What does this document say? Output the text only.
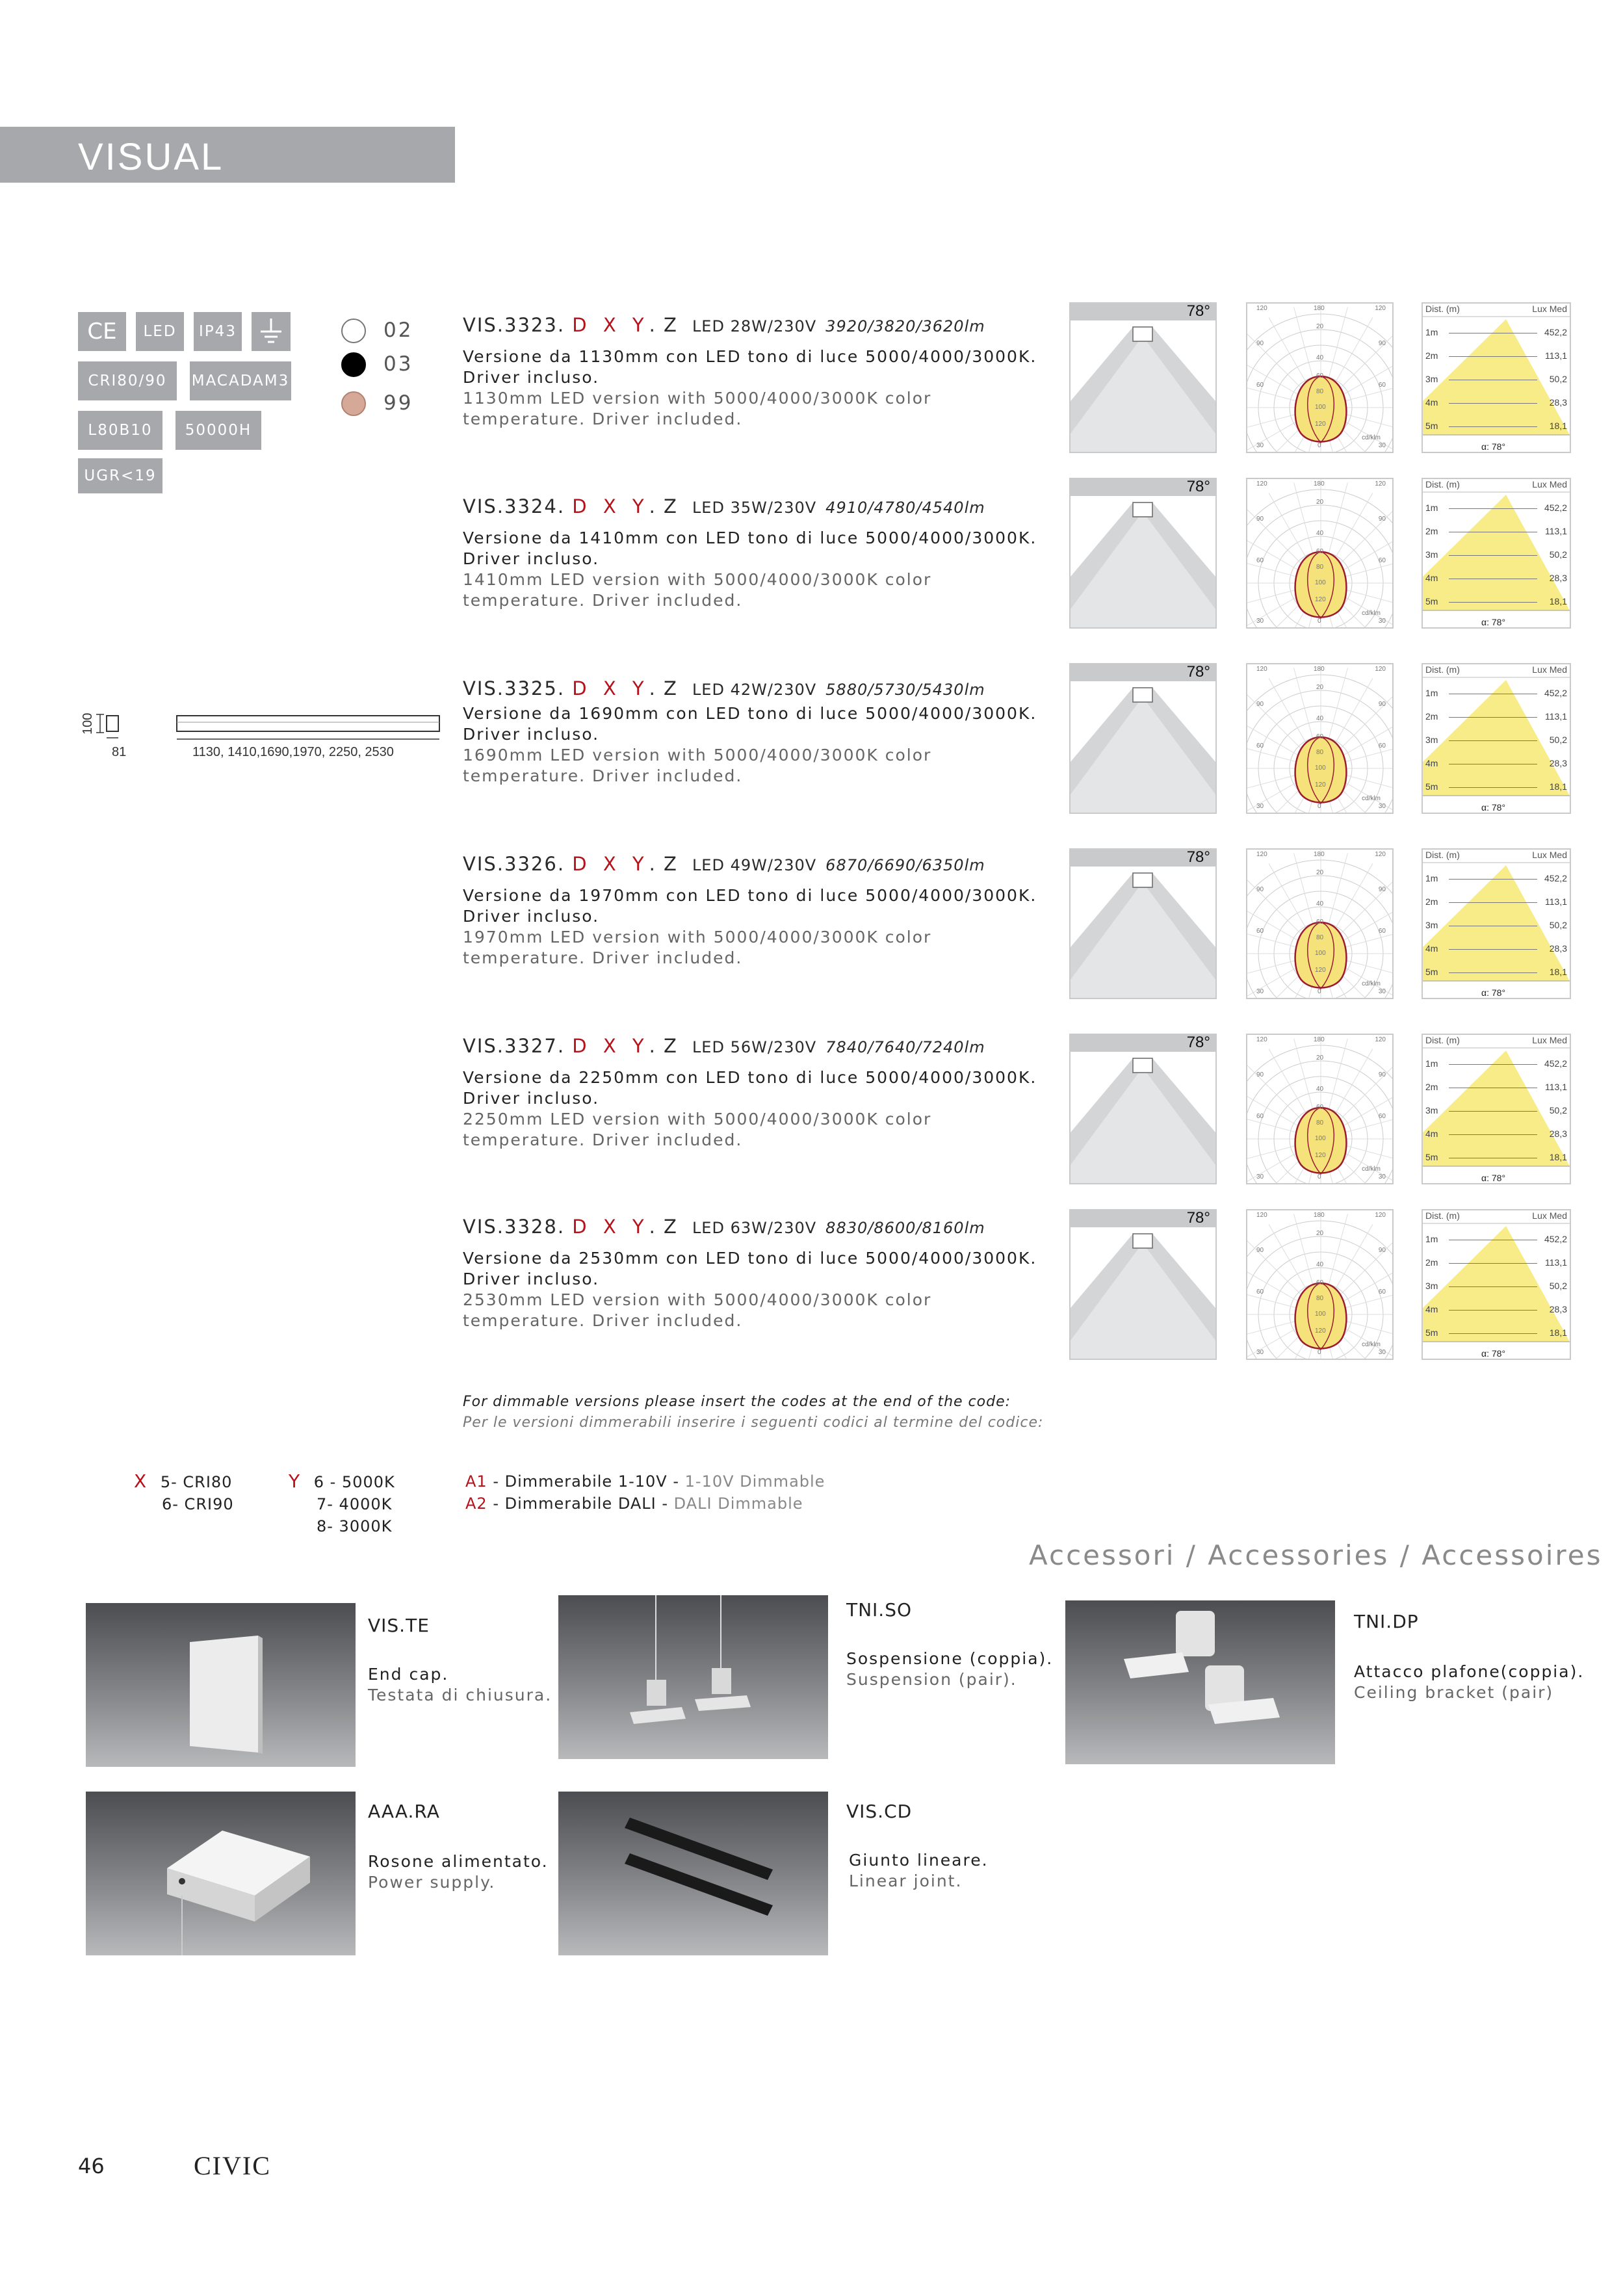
VISUAL
CE	LED	IP43
CRI80/90	MACADAM3
L80B10	50000H
UGR<19
02
03
99
100
81	1130, 1410,1690,1970, 2250, 2530
VIS.3323. D X Y. Z LED 28W/230V 3920/3820/3620lm
Versione da 1130mm con LED tono di luce 5000/4000/3000K.
Driver incluso.
1130mm LED version with 5000/4000/3000K color
temperature. Driver included.
VIS.3324. D X Y. Z LED 35W/230V 4910/4780/4540lm
Versione da 1410mm con LED tono di luce 5000/4000/3000K.
Driver incluso.
1410mm LED version with 5000/4000/3000K color
temperature. Driver included.
VIS.3325. D X Y. Z LED 42W/230V 5880/5730/5430lm
Versione da 1690mm con LED tono di luce 5000/4000/3000K.
Driver incluso.
1690mm LED version with 5000/4000/3000K color
temperature. Driver included.
VIS.3326. D X Y. Z LED 49W/230V 6870/6690/6350lm
Versione da 1970mm con LED tono di luce 5000/4000/3000K.
Driver incluso.
1970mm LED version with 5000/4000/3000K color
temperature. Driver included.
VIS.3327. D X Y. Z LED 56W/230V 7840/7640/7240lm
Versione da 2250mm con LED tono di luce 5000/4000/3000K.
Driver incluso.
2250mm LED version with 5000/4000/3000K color
temperature. Driver included.
VIS.3328. D X Y. Z LED 63W/230V 8830/8600/8160lm
Versione da 2530mm con LED tono di luce 5000/4000/3000K.
Driver incluso.
2530mm LED version with 5000/4000/3000K color
temperature. Driver included.
78°	120	180	120
90	90
60	60
30	0	30
cd/klm
20
40
60
80
100
120
Dist. (m)	Lux Med
1m	452,2
2m	113,1
3m	50,2
4m	28,3
5m	18,1
α: 78°
78°	120	180	120
90	90
60	60
30	0	30
cd/klm
20
40
60
80
100
120
Dist. (m)	Lux Med
1m	452,2
2m	113,1
3m	50,2
4m	28,3
5m	18,1
α: 78°
78°	120	180	120
90	90
60	60
30	0	30
cd/klm
20
40
60
80
100
120
Dist. (m)	Lux Med
1m	452,2
2m	113,1
3m	50,2
4m	28,3
5m	18,1
α: 78°
78°	120	180	120
90	90
60	60
30	0	30
cd/klm
20
40
60
80
100
120
Dist. (m)	Lux Med
1m	452,2
2m	113,1
3m	50,2
4m	28,3
5m	18,1
α: 78°
78°	120	180	120
90	90
60	60
30	0	30
cd/klm
20
40
60
80
100
120
Dist. (m)	Lux Med
1m	452,2
2m	113,1
3m	50,2
4m	28,3
5m	18,1
α: 78°
78°	120	180	120
90	90
60	60
30	0	30
cd/klm
20
40
60
80
100
120
Dist. (m)	Lux Med
1m	452,2
2m	113,1
3m	50,2
4m	28,3
5m	18,1
α: 78°
For dimmable versions please insert the codes at the end of the code:
Per le versioni dimmerabili inserire i seguenti codici al termine del codice:
X 5- CRI80
6- CRI90
Y 6 - 5000K
7- 4000K
8- 3000K
A1 - Dimmerabile 1-10V - 1-10V Dimmable
A2 - Dimmerabile DALI - DALI Dimmable
Accessori / Accessories / Accessoires
VIS.TE
End cap.
Testata di chiusura.
TNI.SO
Sospensione (coppia).
Suspension (pair).
TNI.DP
Attacco plafone(coppia).
Ceiling bracket (pair)
AAA.RA
Rosone alimentato.
Power supply.
VIS.CD
Giunto lineare.
Linear joint.
46	CIVIC
